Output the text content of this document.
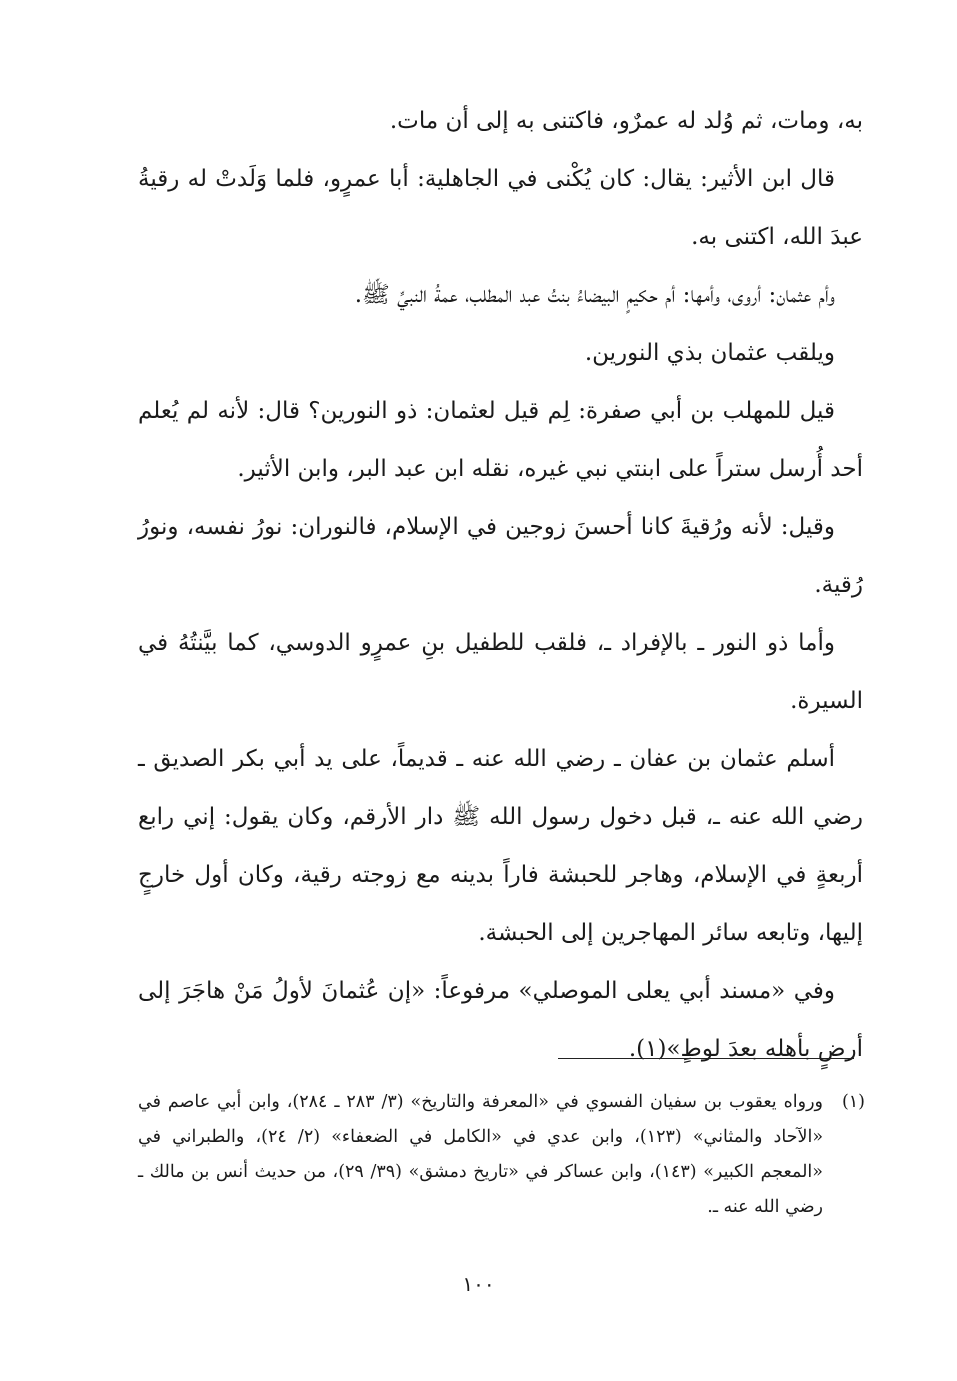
به، ومات، ثم وُلد له عمرٌو، فاكتنى به إلى أن مات.

قال ابن الأثير: يقال: كان يُكْنى في الجاهلية: أبا عمرٍو، فلما وَلَدتْ له رقيةُ عبدَ الله، اكتنى به.

وأم عثمان: أروى، وأمها: أم حكيمٍ البيضاءُ بنتُ عبد المطلب، عمةُ النبيِّ ﷺ.

ويلقب عثمان بذي النورين.

قيل للمهلب بن أبي صفرة: لِم قيل لعثمان: ذو النورين؟ قال: لأنه لم يُعلم أحد أُرسل ستراً على ابنتي نبي غيره، نقله ابن عبد البر، وابن الأثير.

وقيل: لأنه ورُقيةَ كانا أحسنَ زوجين في الإسلام، فالنوران: نورُ نفسه، ونورُ رُقية.

وأما ذو النور ـ بالإفراد ـ، فلقب للطفيل بنِ عمرٍو الدوسي، كما بيَّنتُهُ في السيرة.

أسلم عثمان بن عفان ـ رضي الله عنه ـ قديماً، على يد أبي بكر الصديق ـ رضي الله عنه ـ، قبل دخول رسول الله ﷺ دار الأرقم، وكان يقول: إني رابع أربعةٍ في الإسلام، وهاجر للحبشة فاراً بدينه مع زوجته رقية، وكان أول خارجٍ إليها، وتابعه سائر المهاجرين إلى الحبشة.

وفي «مسند أبي يعلى الموصلي» مرفوعاً: «إن عُثمانَ لأولُ مَنْ هاجَرَ إلى أرضٍ بأهله بعدَ لوطٍ»(١).

(١)
ورواه يعقوب بن سفيان الفسوي في «المعرفة والتاريخ» (٣/ ٢٨٣ ـ ٢٨٤)، وابن أبي عاصم في «الآحاد والمثاني» (١٢٣)، وابن عدي في «الكامل في الضعفاء» (٢/ ٢٤)، والطبراني في «المعجم الكبير» (١٤٣)، وابن عساكر في «تاريخ دمشق» (٣٩/ ٢٩)، من حديث أنس بن مالك ـ رضي الله عنه ـ.
١٠٠
